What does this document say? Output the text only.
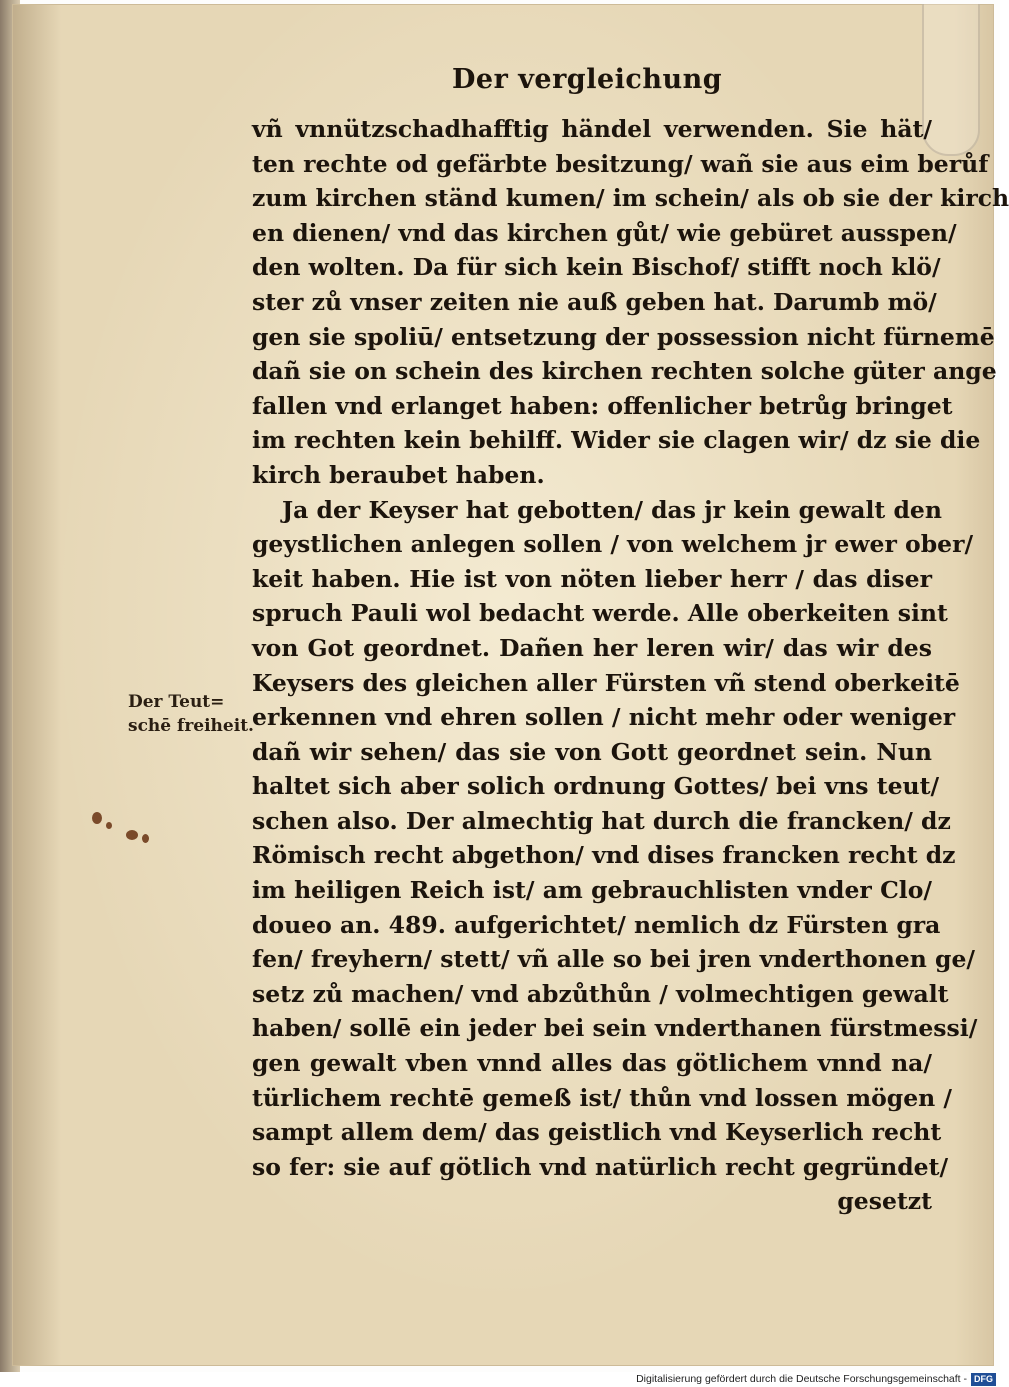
Der vergleichung
Der Teut=
schē freiheit.
vñ vnnützschadhafftig händel verwenden. Sie hät/
ten rechte od gefärbte besitzung/ wañ sie aus eim berůf
zum kirchen ständ kumen/ im schein/ als ob sie der kirch
en dienen/ vnd das kirchen gůt/ wie gebüret ausspen/
den wolten. Da für sich kein Bischof/ stifft noch klö/
ster zů vnser zeiten nie auß geben hat. Darumb mö/
gen sie spoliū/ entsetzung der possession nicht fürnemē
dañ sie on schein des kirchen rechten solche güter ange
fallen vnd erlanget haben: offenlicher betrůg bringet
im rechten kein behilff. Wider sie clagen wir/ dz sie die
kirch beraubet haben.
Ja der Keyser hat gebotten/ das jr kein gewalt den
geystlichen anlegen sollen / von welchem jr ewer ober/
keit haben. Hie ist von nöten lieber herr / das diser
spruch Pauli wol bedacht werde. Alle oberkeiten sint
von Got geordnet. Dañen her leren wir/ das wir des
Keysers des gleichen aller Fürsten vñ stend oberkeitē
erkennen vnd ehren sollen / nicht mehr oder weniger
dañ wir sehen/ das sie von Gott geordnet sein. Nun
haltet sich aber solich ordnung Gottes/ bei vns teut/
schen also. Der almechtig hat durch die francken/ dz
Römisch recht abgethon/ vnd dises francken recht dz
im heiligen Reich ist/ am gebrauchlisten vnder Clo/
doueo an. 489. aufgerichtet/ nemlich dz Fürsten gra
fen/ freyhern/ stett/ vñ alle so bei jren vnderthonen ge/
setz zů machen/ vnd abzůthůn / volmechtigen gewalt
haben/ sollē ein jeder bei sein vnderthanen fürstmessi/
gen gewalt vben vnnd alles das götlichem vnnd na/
türlichem rechtē gemeß ist/ thůn vnd lossen mögen /
sampt allem dem/ das geistlich vnd Keyserlich recht
so fer: sie auf götlich vnd natürlich recht gegründet/
gesetzt
Digitalisierung gefördert durch die Deutsche Forschungsgemeinschaft - DFG
